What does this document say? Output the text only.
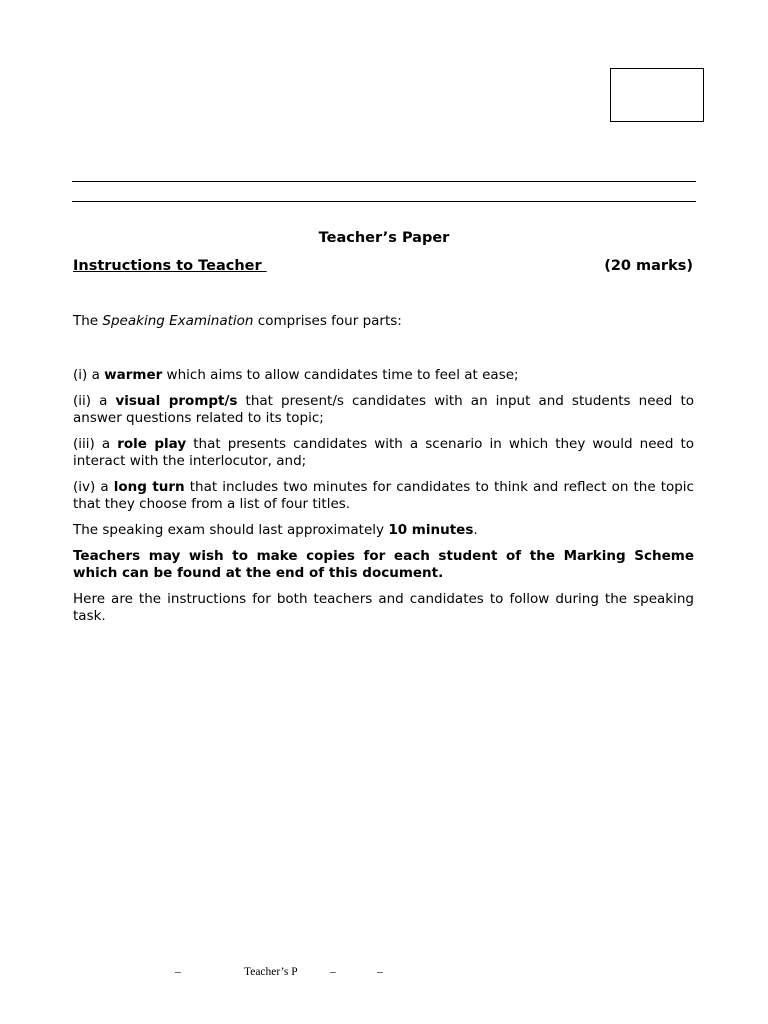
Teacher’s Paper
Instructions to Teacher	(20 marks)

The Speaking Examination comprises four parts:

(i) a warmer which aims to allow candidates time to feel at ease;

(ii) a visual prompt/s that present/s candidates with an input and students need to answer questions related to its topic;

(iii) a role play that presents candidates with a scenario in which they would need to interact with the interlocutor, and;

(iv) a long turn that includes two minutes for candidates to think and reflect on the topic that they choose from a list of four titles.

The speaking exam should last approximately 10 minutes.

Teachers may wish to make copies for each student of the Marking Scheme which can be found at the end of this document.

Here are the instructions for both teachers and candidates to follow during the speaking task.

–	Teacher’s P	–	–
